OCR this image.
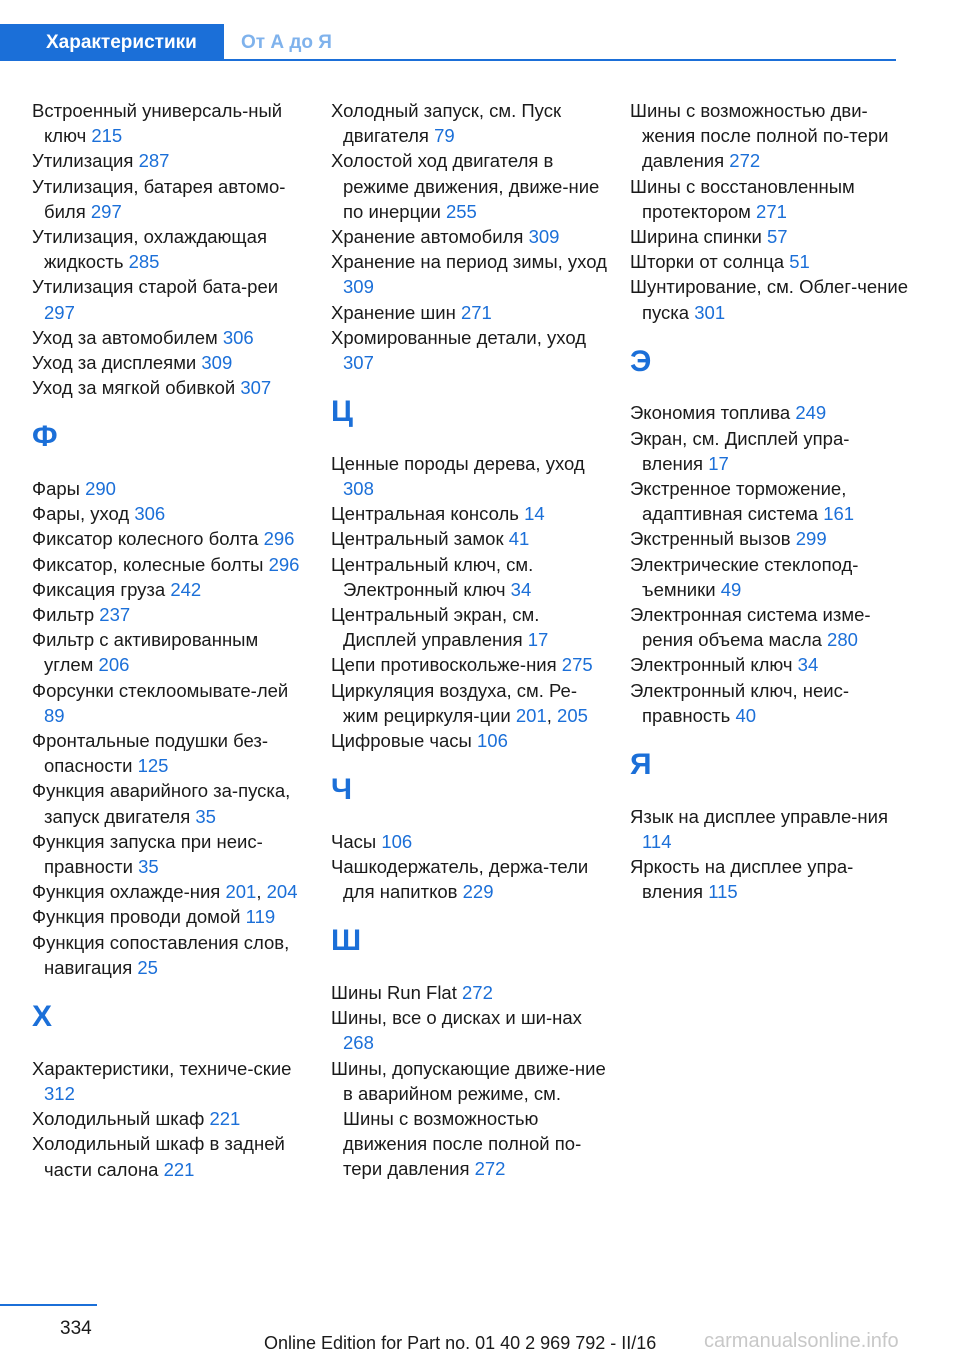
Характеристики	От А до Я
Встроенный универсаль-ный ключ 215
Утилизация 287
Утилизация, батарея автомо-биля 297
Утилизация, охлаждающая жидкость 285
Утилизация старой бата-реи 297
Уход за автомобилем 306
Уход за дисплеями 309
Уход за мягкой обивкой 307
Ф
Фары 290
Фары, уход 306
Фиксатор колесного болта 296
Фиксатор, колесные болты 296
Фиксация груза 242
Фильтр 237
Фильтр с активированным углем 206
Форсунки стеклоомывате-лей 89
Фронтальные подушки без-опасности 125
Функция аварийного за-пуска, запуск двигателя 35
Функция запуска при неис-правности 35
Функция охлажде-ния 201, 204
Функция проводи домой 119
Функция сопоставления слов, навигация 25
Х
Характеристики, техниче-ские 312
Холодильный шкаф 221
Холодильный шкаф в задней части салона 221
Холодный запуск, см. Пуск двигателя 79
Холостой ход двигателя в режиме движения, движе-ние по инерции 255
Хранение автомобиля 309
Хранение на период зимы, уход 309
Хранение шин 271
Хромированные детали, уход 307
Ц
Ценные породы дерева, уход 308
Центральная консоль 14
Центральный замок 41
Центральный ключ, см. Электронный ключ 34
Центральный экран, см. Дисплей управления 17
Цепи противоскольже-ния 275
Циркуляция воздуха, см. Ре-жим рециркуля-ции 201, 205
Цифровые часы 106
Ч
Часы 106
Чашкодержатель, держа-тели для напитков 229
Ш
Шины Run Flat 272
Шины, все о дисках и ши-нах 268
Шины, допускающие движе-ние в аварийном режиме, см. Шины с возможностью движения после полной по-тери давления 272
Шины с возможностью дви-жения после полной по-тери давления 272
Шины с восстановленным протектором 271
Ширина спинки 57
Шторки от солнца 51
Шунтирование, см. Облег-чение пуска 301
Э
Экономия топлива 249
Экран, см. Дисплей упра-вления 17
Экстренное торможение, адаптивная система 161
Экстренный вызов 299
Электрические стеклопод-ъемники 49
Электронная система изме-рения объема масла 280
Электронный ключ 34
Электронный ключ, неис-правность 40
Я
Язык на дисплее управле-ния 114
Яркость на дисплее упра-вления 115
334
Online Edition for Part no. 01 40 2 969 792 - II/16 carmanualsonline.info
